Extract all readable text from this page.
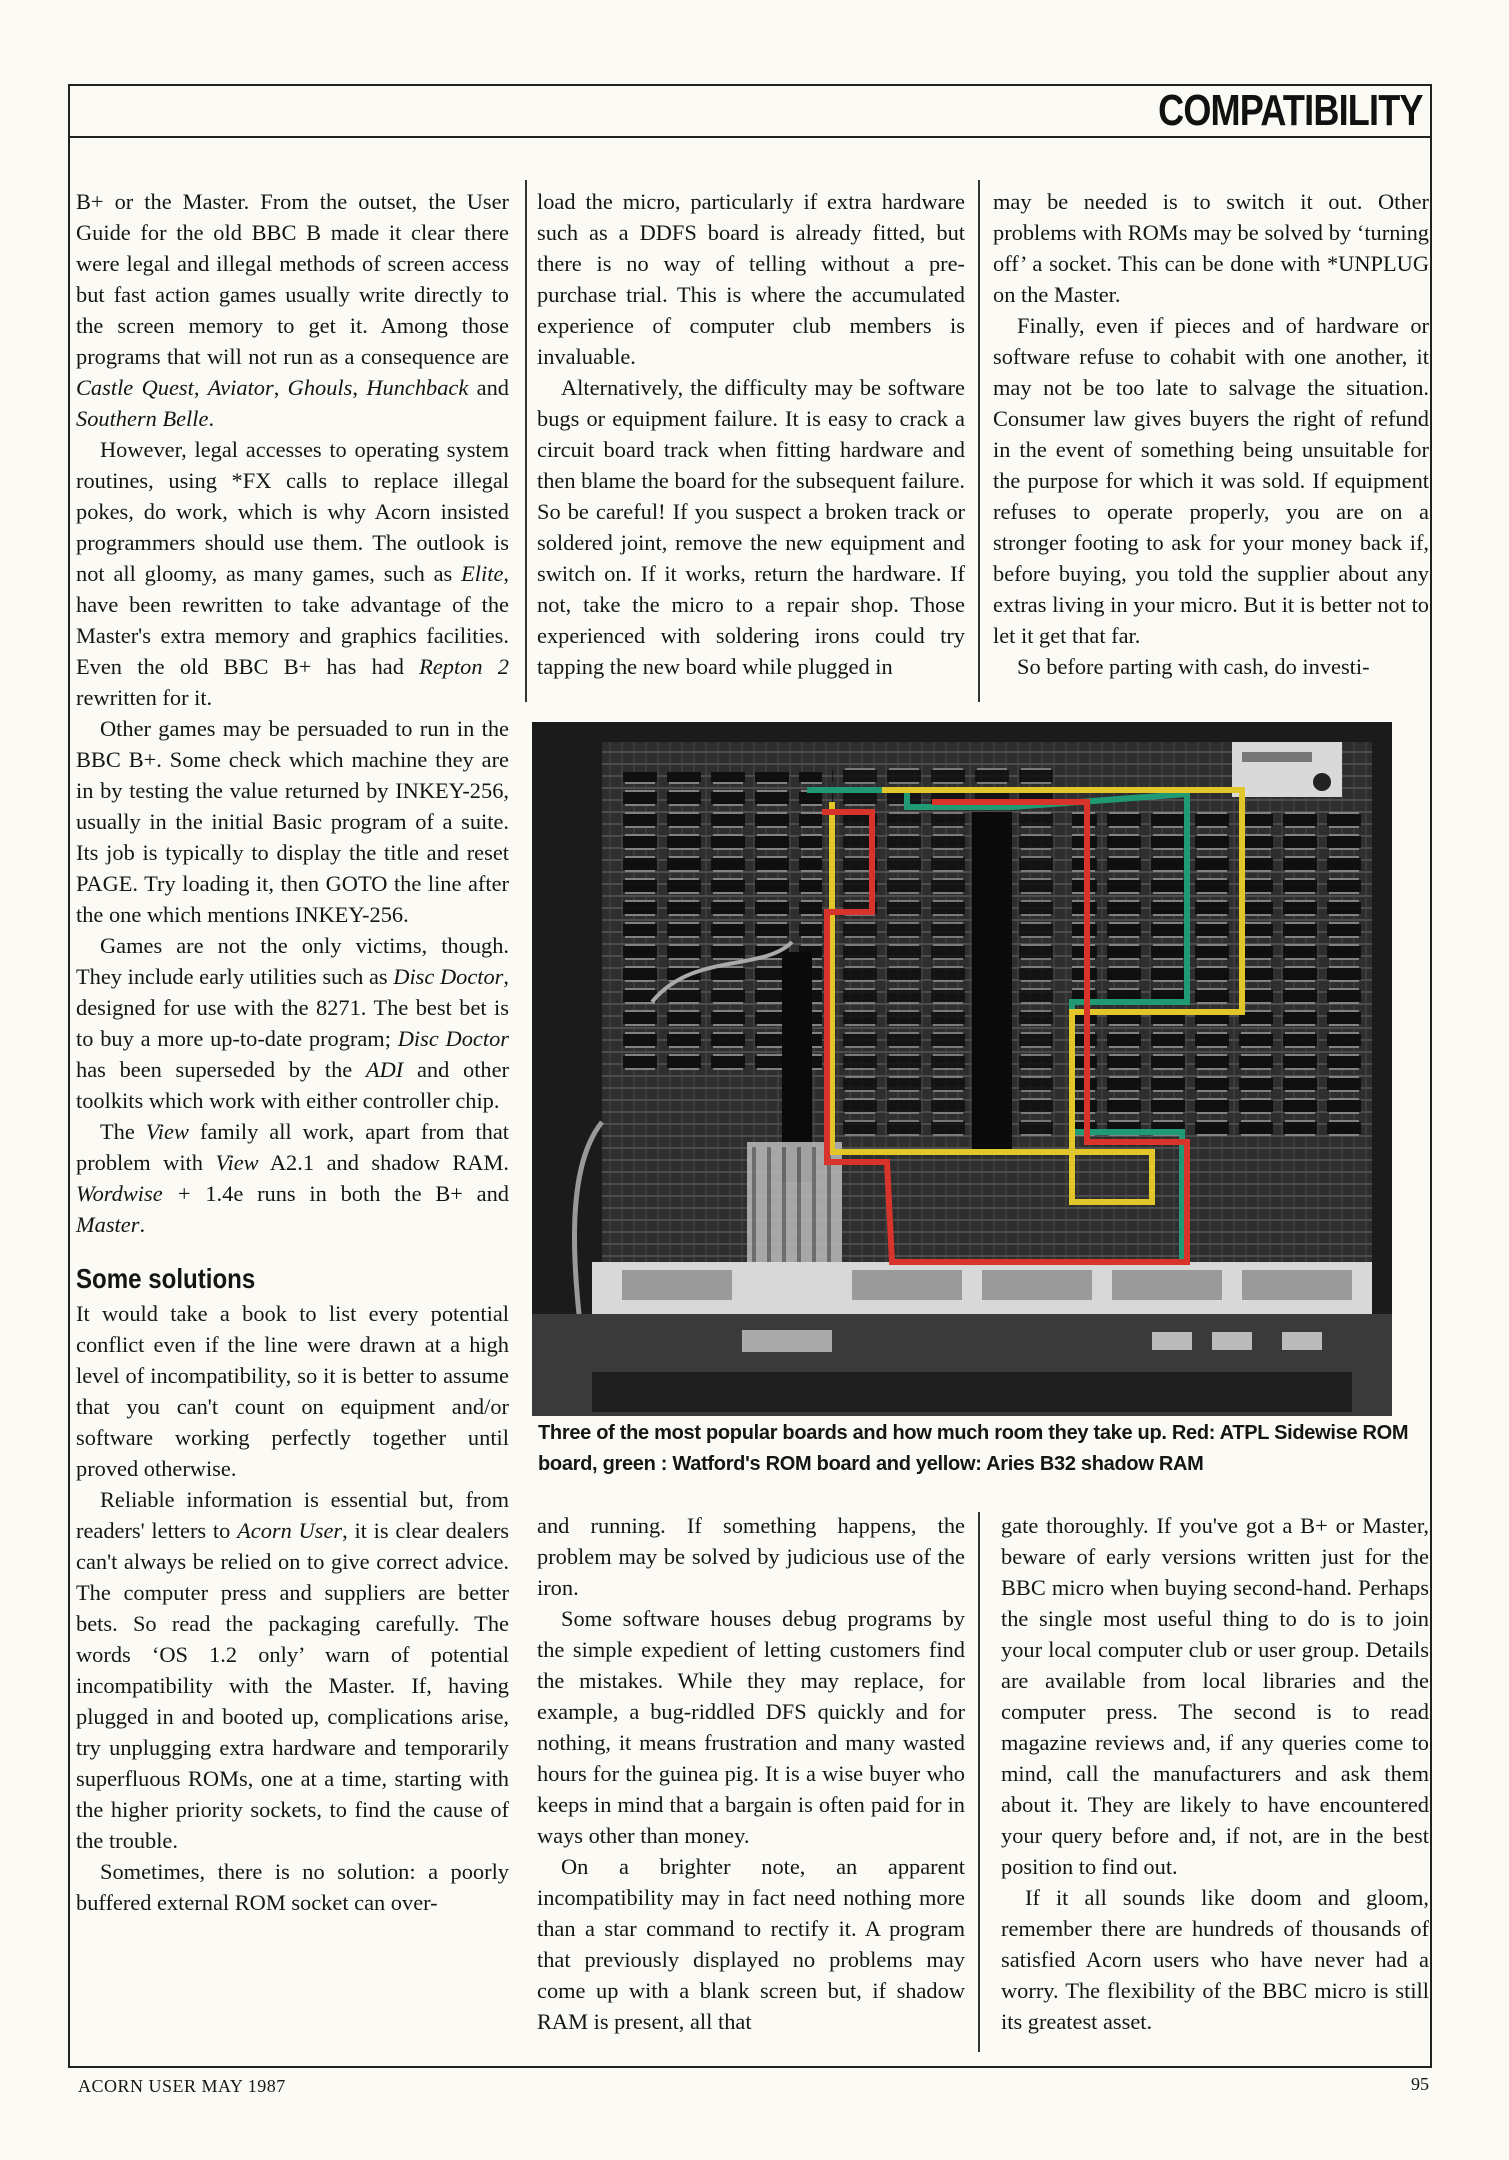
COMPATIBILITY

B+ or the Master. From the outset, the User Guide for the old BBC B made it clear there were legal and illegal methods of screen access but fast action games usually write directly to the screen memory to get it. Among those programs that will not run as a consequence are Castle Quest, Aviator, Ghouls, Hunchback and Southern Belle.

However, legal accesses to operating system routines, using *FX calls to replace illegal pokes, do work, which is why Acorn insisted programmers should use them. The outlook is not all gloomy, as many games, such as Elite, have been rewritten to take advantage of the Master's extra memory and graphics facilities. Even the old BBC B+ has had Repton 2 rewritten for it.

Other games may be persuaded to run in the BBC B+. Some check which machine they are in by testing the value returned by INKEY-256, usually in the initial Basic program of a suite. Its job is typically to display the title and reset PAGE. Try loading it, then GOTO the line after the one which mentions INKEY-256.

Games are not the only victims, though. They include early utilities such as Disc Doctor, designed for use with the 8271. The best bet is to buy a more up-to-date program; Disc Doctor has been superseded by the ADI and other toolkits which work with either controller chip.

The View family all work, apart from that problem with View A2.1 and shadow RAM. Wordwise + 1.4e runs in both the B+ and Master.

Some solutions

It would take a book to list every potential conflict even if the line were drawn at a high level of incompatibility, so it is better to assume that you can't count on equipment and/or software working perfectly together until proved otherwise.

Reliable information is essential but, from readers' letters to Acorn User, it is clear dealers can't always be relied on to give correct advice. The computer press and suppliers are better bets. So read the packaging carefully. The words ‘OS 1.2 only’ warn of potential incompatibility with the Master. If, having plugged in and booted up, complications arise, try unplugging extra hardware and temporarily superfluous ROMs, one at a time, starting with the higher priority sockets, to find the cause of the trouble.

Sometimes, there is no solution: a poorly buffered external ROM socket can over-

load the micro, particularly if extra hardware such as a DDFS board is already fitted, but there is no way of telling without a pre-purchase trial. This is where the accumulated experience of computer club members is invaluable.

Alternatively, the difficulty may be software bugs or equipment failure. It is easy to crack a circuit board track when fitting hardware and then blame the board for the subsequent failure. So be careful! If you suspect a broken track or soldered joint, remove the new equipment and switch on. If it works, return the hardware. If not, take the micro to a repair shop. Those experienced with soldering irons could try tapping the new board while plugged in

may be needed is to switch it out. Other problems with ROMs may be solved by ‘turning off’ a socket. This can be done with *UNPLUG on the Master.

Finally, even if pieces and of hardware or software refuse to cohabit with one another, it may not be too late to salvage the situation. Consumer law gives buyers the right of refund in the event of something being unsuitable for the purpose for which it was sold. If equipment refuses to operate properly, you are on a stronger footing to ask for your money back if, before buying, you told the supplier about any extras living in your micro. But it is better not to let it get that far.

So before parting with cash, do investi-

Three of the most popular boards and how much room they take up. Red: ATPL Sidewise ROM board, green : Watford's ROM board and yellow: Aries B32 shadow RAM

and running. If something happens, the problem may be solved by judicious use of the iron.

Some software houses debug programs by the simple expedient of letting customers find the mistakes. While they may replace, for example, a bug-riddled DFS quickly and for nothing, it means frustration and many wasted hours for the guinea pig. It is a wise buyer who keeps in mind that a bargain is often paid for in ways other than money.

On a brighter note, an apparent incompatibility may in fact need nothing more than a star command to rectify it. A program that previously displayed no problems may come up with a blank screen but, if shadow RAM is present, all that

gate thoroughly. If you've got a B+ or Master, beware of early versions written just for the BBC micro when buying second-hand. Perhaps the single most useful thing to do is to join your local computer club or user group. Details are available from local libraries and the computer press. The second is to read magazine reviews and, if any queries come to mind, call the manufacturers and ask them about it. They are likely to have encountered your query before and, if not, are in the best position to find out.

If it all sounds like doom and gloom, remember there are hundreds of thousands of satisfied Acorn users who have never had a worry. The flexibility of the BBC micro is still its greatest asset.

ACORN USER MAY 1987	95
